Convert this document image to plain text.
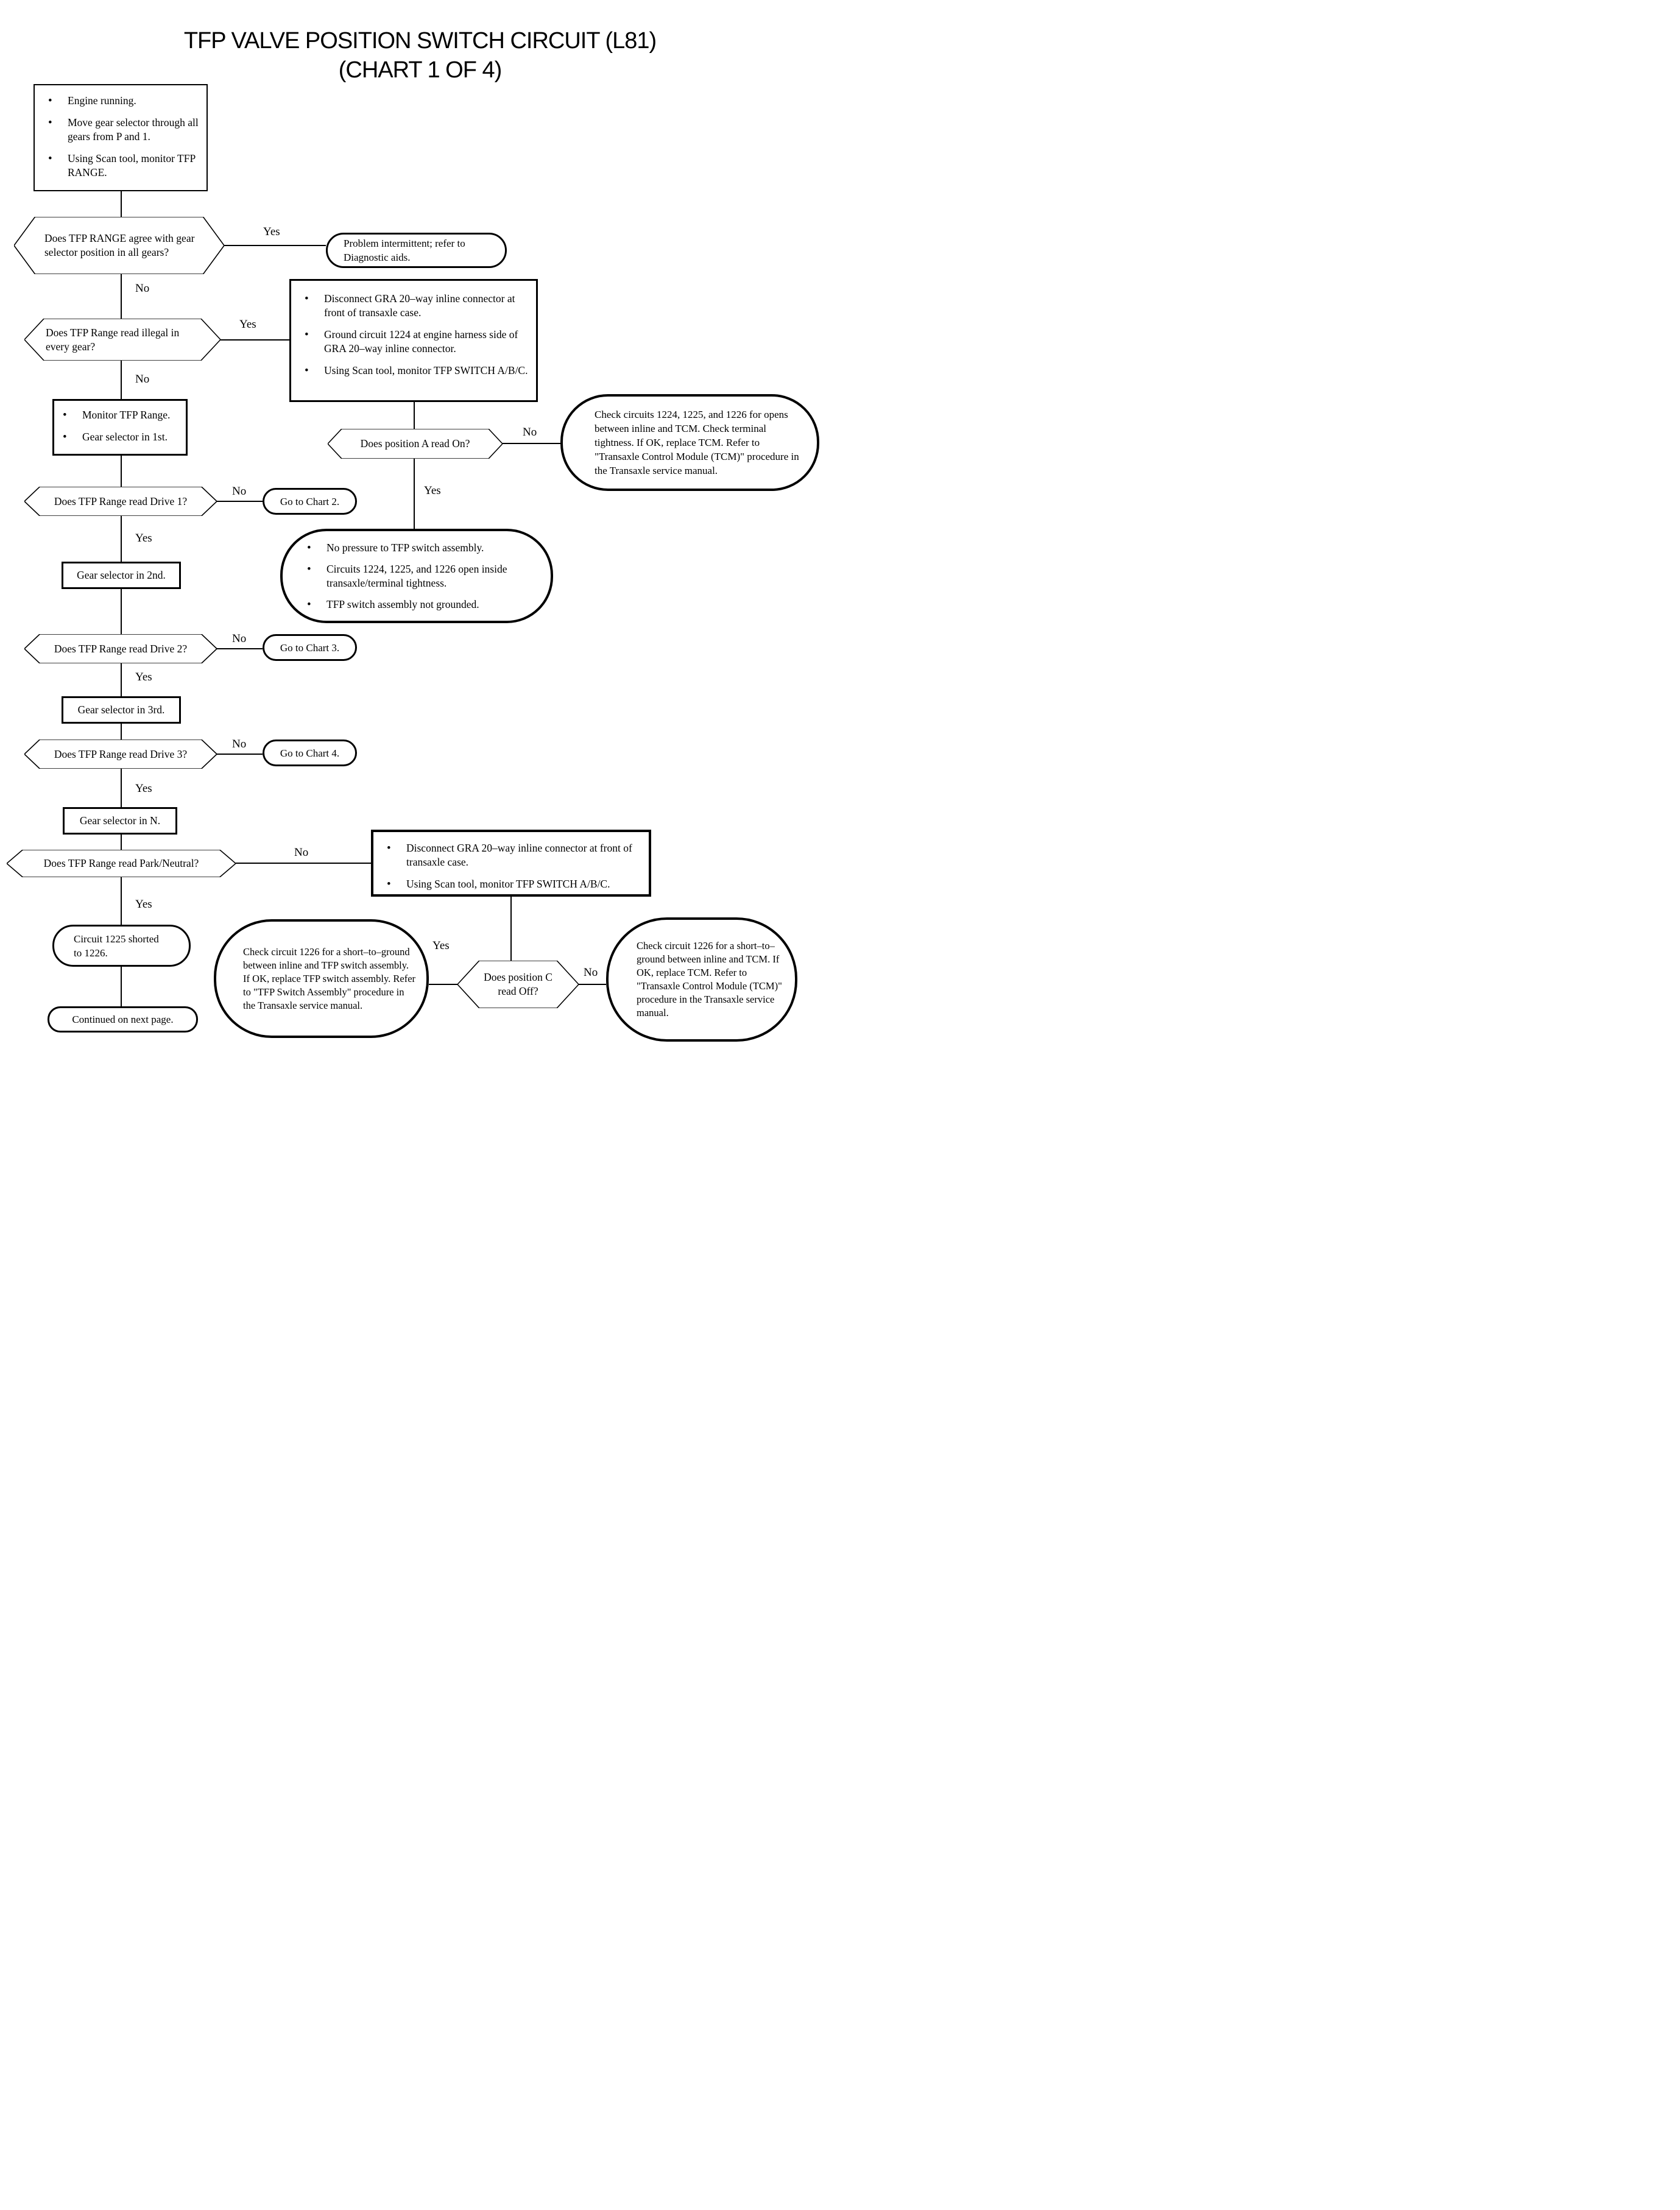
TFP VALVE POSITION SWITCH CIRCUIT (L81)
(CHART 1 OF 4)
Yes
No
Yes
No
No
Yes
No
Yes
No
Yes
No
Yes
No
Yes
Yes
No
• Engine running.
• Move gear selector through all gears from P and 1.
• Using Scan tool, monitor TFP RANGE.
Does TFP RANGE agree with gear selector position in all gears?
Problem intermittent; refer to Diagnostic aids.
Does TFP Range read illegal in every gear?
• Disconnect GRA 20–way inline connector at front of transaxle case.
• Ground circuit 1224 at engine harness side of GRA 20–way inline connector.
• Using Scan tool, monitor TFP SWITCH A/B/C.
• Monitor TFP Range.
• Gear selector in 1st.
Does position A read On?
Check circuits 1224, 1225, and 1226 for opens between inline and TCM. Check terminal tightness. If OK, replace TCM. Refer to "Transaxle Control Module (TCM)" procedure in the Transaxle service manual.
• No pressure to TFP switch assembly.
• Circuits 1224, 1225, and 1226 open inside transaxle/terminal tightness.
• TFP switch assembly not grounded.
Does TFP Range read Drive 1?	Go to Chart 2.
Gear selector in 2nd.
Does TFP Range read Drive 2?	Go to Chart 3.
Gear selector in 3rd.
Does TFP Range read Drive 3?	Go to Chart 4.
Gear selector in N.
Does TFP Range read Park/Neutral?
• Disconnect GRA 20–way inline connector at front of transaxle case.
• Using Scan tool, monitor TFP SWITCH A/B/C.
Circuit 1225 shorted to 1226.
Continued on next page.
Check circuit 1226 for a short–to–ground between inline and TFP switch assembly. If OK, replace TFP switch assembly. Refer to "TFP Switch Assembly" procedure in the Transaxle service manual.
Does position C read Off?
Check circuit 1226 for a short–to–ground between inline and TCM. If OK, replace TCM. Refer to "Transaxle Control Module (TCM)" procedure in the Transaxle service manual.
